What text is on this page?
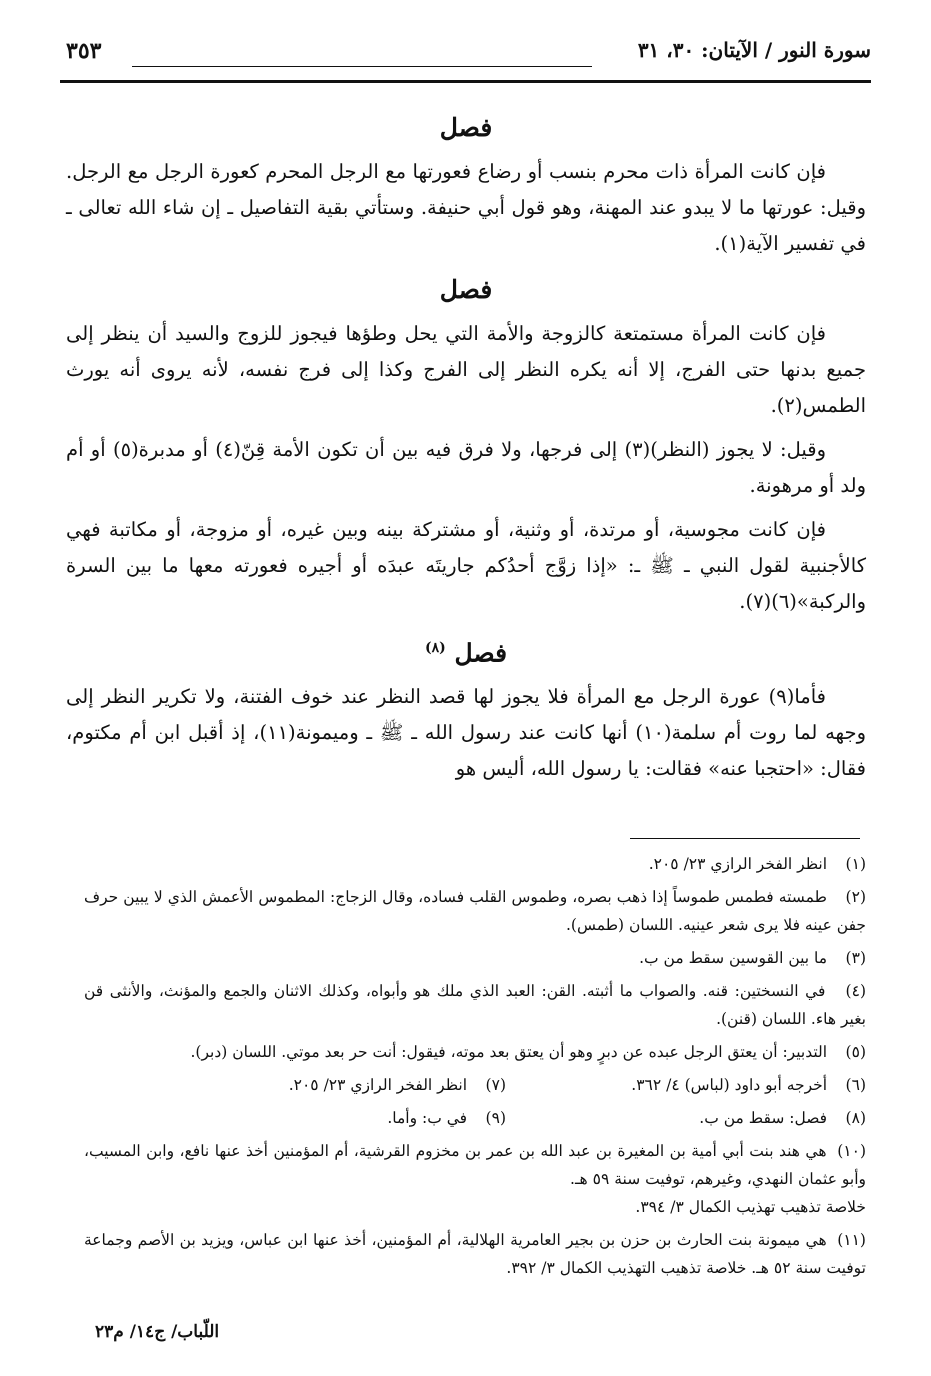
سورة النور / الآيتان: ٣٠، ٣١
٣٥٣
فصل

فإن كانت المرأة ذات محرم بنسب أو رضاع فعورتها مع الرجل المحرم كعورة الرجل مع الرجل. وقيل: عورتها ما لا يبدو عند المهنة، وهو قول أبي حنيفة. وستأتي بقية التفاصيل ـ إن شاء الله تعالى ـ في تفسير الآية(١).

فصل

فإن كانت المرأة مستمتعة كالزوجة والأمة التي يحل وطؤها فيجوز للزوج والسيد أن ينظر إلى جميع بدنها حتى الفرج، إلا أنه يكره النظر إلى الفرج وكذا إلى فرج نفسه، لأنه يروى أنه يورث الطمس(٢).

وقيل: لا يجوز (النظر)(٣) إلى فرجها، ولا فرق فيه بين أن تكون الأمة قِنّ(٤) أو مدبرة(٥) أو أم ولد أو مرهونة.

فإن كانت مجوسية، أو مرتدة، أو وثنية، أو مشتركة بينه وبين غيره، أو مزوجة، أو مكاتبة فهي كالأجنبية لقول النبي ـ ﷺ ـ: «إذا زوَّج أحدُكم جاريتَه عبدَه أو أجيره فعورته معها ما بين السرة والركبة»(٦)(٧).

فصل $^{(٨)}$

فأما(٩) عورة الرجل مع المرأة فلا يجوز لها قصد النظر عند خوف الفتنة، ولا تكرير النظر إلى وجهه لما روت أم سلمة(١٠) أنها كانت عند رسول الله ـ ﷺ ـ وميمونة(١١)، إذ أقبل ابن أم مكتوم، فقال: «احتجبا عنه» فقالت: يا رسول الله، أليس هو

(١) انظر الفخر الرازي ٢٣/ ٢٠٥.
(٢) طمسته فطمس طموساً إذا ذهب بصره، وطموس القلب فساده، وقال الزجاج: المطموس الأعمش الذي لا يبين حرف جفن عينه فلا يرى شعر عينيه. اللسان (طمس).
(٣) ما بين القوسين سقط من ب.
(٤) في النسختين: قنه. والصواب ما أثبته. القن: العبد الذي ملك هو وأبواه، وكذلك الاثنان والجمع والمؤنث، والأنثى قن بغير هاء. اللسان (قنن).
(٥) التدبير: أن يعتق الرجل عبده عن دبرٍ وهو أن يعتق بعد موته، فيقول: أنت حر بعد موتي. اللسان (دبر).
(٦) أخرجه أبو داود (لباس) ٤/ ٣٦٢.
(٧) انظر الفخر الرازي ٢٣/ ٢٠٥.
(٨) فصل: سقط من ب.
(٩) في ب: وأما.
(١٠) هي هند بنت أبي أمية بن المغيرة بن عبد الله بن عمر بن مخزوم القرشية، أم المؤمنين أخذ عنها نافع، وابن المسيب، وأبو عثمان النهدي، وغيرهم، توفيت سنة ٥٩ هـ.
خلاصة تذهيب تهذيب الكمال ٣/ ٣٩٤.
(١١) هي ميمونة بنت الحارث بن حزن بن بجير العامرية الهلالية، أم المؤمنين، أخذ عنها ابن عباس، ويزيد بن الأصم وجماعة توفيت سنة ٥٢ هـ. خلاصة تذهيب التهذيب الكمال ٣/ ٣٩٢.
اللّباب/ ج١٤/ م٢٣
